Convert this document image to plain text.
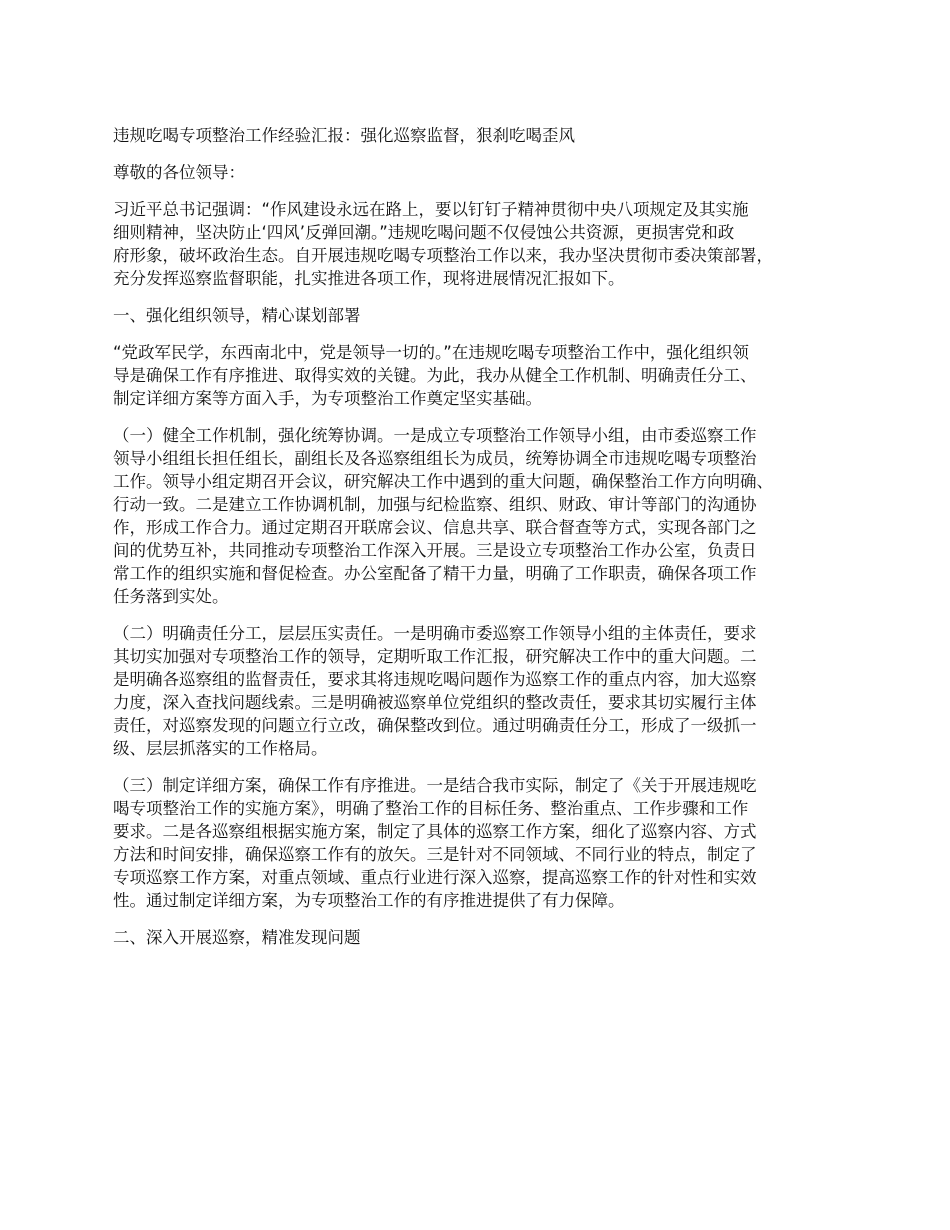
违规吃喝专项整治工作经验汇报：强化巡察监督，狠刹吃喝歪风

尊敬的各位领导：

习近平总书记强调：“作风建设永远在路上，要以钉钉子精神贯彻中央八项规定及其实施
细则精神，坚决防止‘四风’反弹回潮。”违规吃喝问题不仅侵蚀公共资源，更损害党和政
府形象，破坏政治生态。自开展违规吃喝专项整治工作以来，我办坚决贯彻市委决策部署，
充分发挥巡察监督职能，扎实推进各项工作，现将进展情况汇报如下。

一、强化组织领导，精心谋划部署

“党政军民学，东西南北中，党是领导一切的。”在违规吃喝专项整治工作中，强化组织领
导是确保工作有序推进、取得实效的关键。为此，我办从健全工作机制、明确责任分工、
制定详细方案等方面入手，为专项整治工作奠定坚实基础。

（一）健全工作机制，强化统筹协调。一是成立专项整治工作领导小组，由市委巡察工作
领导小组组长担任组长，副组长及各巡察组组长为成员，统筹协调全市违规吃喝专项整治
工作。领导小组定期召开会议，研究解决工作中遇到的重大问题，确保整治工作方向明确、
行动一致。二是建立工作协调机制，加强与纪检监察、组织、财政、审计等部门的沟通协
作，形成工作合力。通过定期召开联席会议、信息共享、联合督查等方式，实现各部门之
间的优势互补，共同推动专项整治工作深入开展。三是设立专项整治工作办公室，负责日
常工作的组织实施和督促检查。办公室配备了精干力量，明确了工作职责，确保各项工作
任务落到实处。

（二）明确责任分工，层层压实责任。一是明确市委巡察工作领导小组的主体责任，要求
其切实加强对专项整治工作的领导，定期听取工作汇报，研究解决工作中的重大问题。二
是明确各巡察组的监督责任，要求其将违规吃喝问题作为巡察工作的重点内容，加大巡察
力度，深入查找问题线索。三是明确被巡察单位党组织的整改责任，要求其切实履行主体
责任，对巡察发现的问题立行立改，确保整改到位。通过明确责任分工，形成了一级抓一
级、层层抓落实的工作格局。

（三）制定详细方案，确保工作有序推进。一是结合我市实际，制定了《关于开展违规吃
喝专项整治工作的实施方案》，明确了整治工作的目标任务、整治重点、工作步骤和工作
要求。二是各巡察组根据实施方案，制定了具体的巡察工作方案，细化了巡察内容、方式
方法和时间安排，确保巡察工作有的放矢。三是针对不同领域、不同行业的特点，制定了
专项巡察工作方案，对重点领域、重点行业进行深入巡察，提高巡察工作的针对性和实效
性。通过制定详细方案，为专项整治工作的有序推进提供了有力保障。

二、深入开展巡察，精准发现问题
